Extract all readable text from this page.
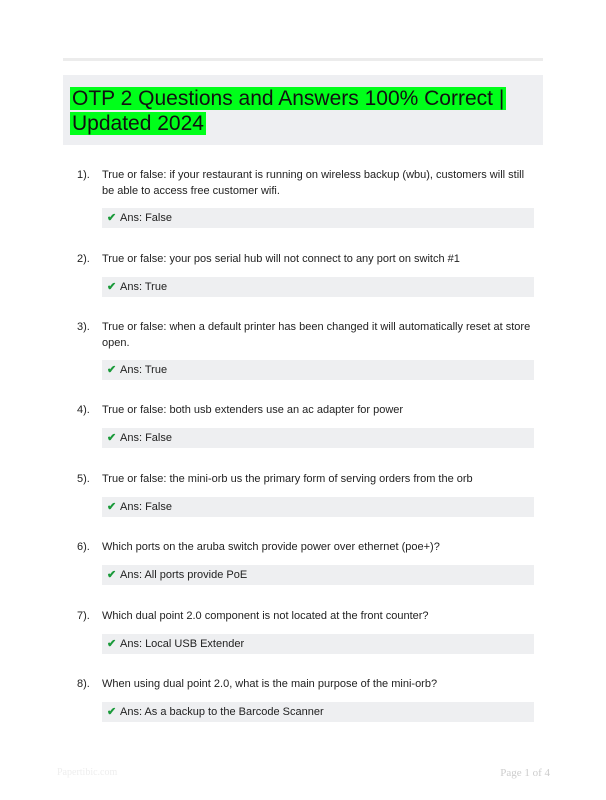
OTP 2 Questions and Answers 100% Correct | Updated 2024
1). True or false: if your restaurant is running on wireless backup (wbu), customers will still be able to access free customer wifi.
✔ Ans: False
2). True or false: your pos serial hub will not connect to any port on switch #1
✔ Ans: True
3). True or false: when a default printer has been changed it will automatically reset at store open.
✔ Ans: True
4). True or false: both usb extenders use an ac adapter for power
✔ Ans: False
5). True or false: the mini-orb us the primary form of serving orders from the orb
✔ Ans: False
6). Which ports on the aruba switch provide power over ethernet (poe+)?
✔ Ans: All ports provide PoE
7). Which dual point 2.0 component is not located at the front counter?
✔ Ans: Local USB Extender
8). When using dual point 2.0, what is the main purpose of the mini-orb?
✔ Ans: As a backup to the Barcode Scanner
Papertibic.com	Page 1 of 4
